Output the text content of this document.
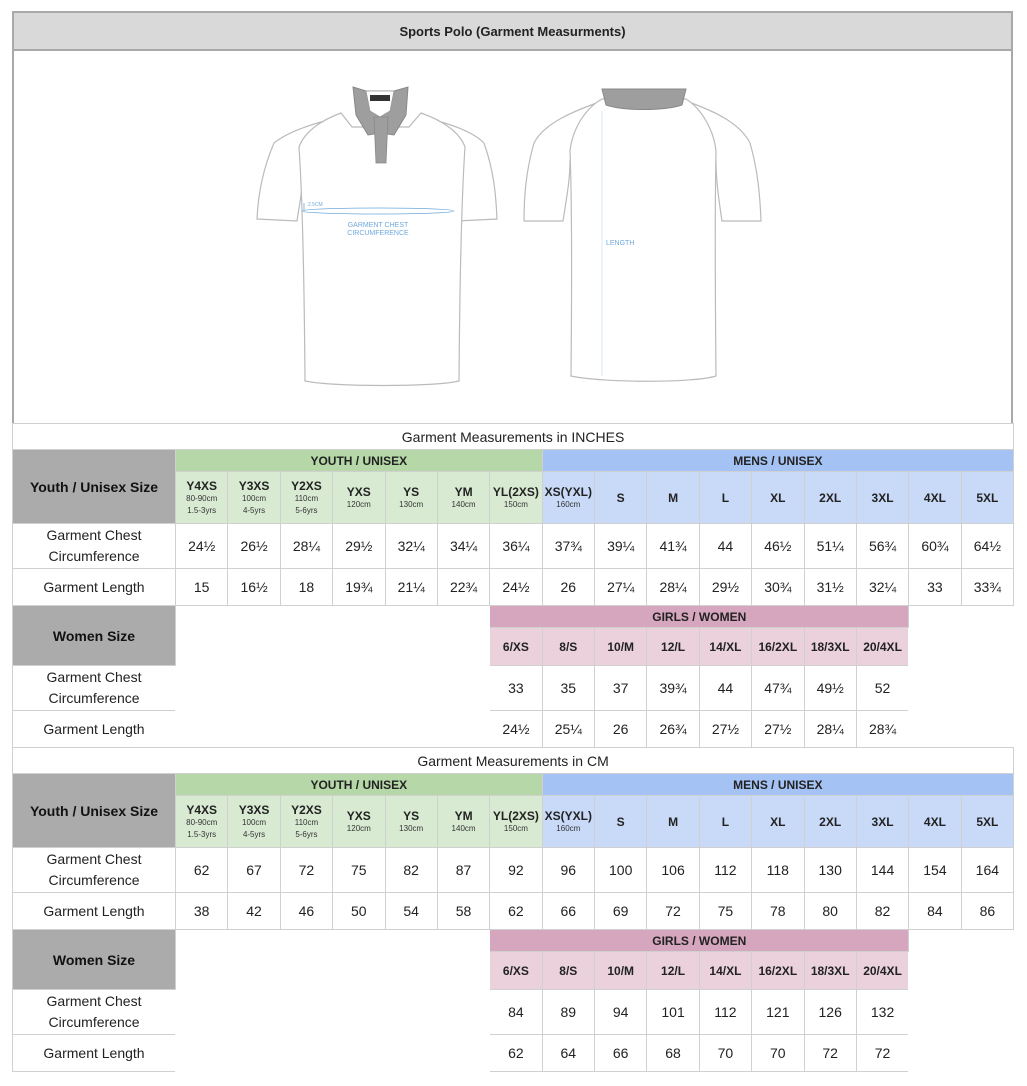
Sports Polo (Garment Measurments)
2.5CM
GARMENT CHEST
CIRCUMFERENCE
LENGTH
Garment Measurements in INCHES																
Youth / Unisex Size	YOUTH / UNISEX							MENS / UNISEX								

	Y4XS
80-90cm
1.5-3yrs	Y3XS
100cm
4-5yrs	Y2XS
110cm
5-6yrs	YXS
120cm	YS
130cm	YM
140cm	YL(2XS)
150cm	XS(YXL)
160cm	S	M	L	XL	2XL	3XL	4XL	5XL

Garment Chest
Circumference	24½	26½	28¼	29½	32¼	34¼	36¼	37¾	39¼	41¾	44	46½	51¼	56¾	60¾	64½
Garment Length	15	16½	18	19¾	21¼	22¾	24½	26	27¼	28¼	29½	30¾	31½	32¼	33	33¾
Women Size							GIRLS / WOMEN									
							6/XS	8/S	10/M	12/L	14/XL	16/2XL	18/3XL	20/4XL		

Garment Chest
Circumference							33	35	37	39¾	44	47¾	49½	52		
Garment Length							24½	25¼	26	26¾	27½	27½	28¼	28¾		
Garment Measurements in CM																
Youth / Unisex Size	YOUTH / UNISEX							MENS / UNISEX								

	Y4XS
80-90cm
1.5-3yrs	Y3XS
100cm
4-5yrs	Y2XS
110cm
5-6yrs	YXS
120cm	YS
130cm	YM
140cm	YL(2XS)
150cm	XS(YXL)
160cm	S	M	L	XL	2XL	3XL	4XL	5XL

Garment Chest
Circumference	62	67	72	75	82	87	92	96	100	106	112	118	130	144	154	164
Garment Length	38	42	46	50	54	58	62	66	69	72	75	78	80	82	84	86
Women Size							GIRLS / WOMEN									
							6/XS	8/S	10/M	12/L	14/XL	16/2XL	18/3XL	20/4XL		

Garment Chest
Circumference							84	89	94	101	112	121	126	132		
Garment Length							62	64	66	68	70	70	72	72		
